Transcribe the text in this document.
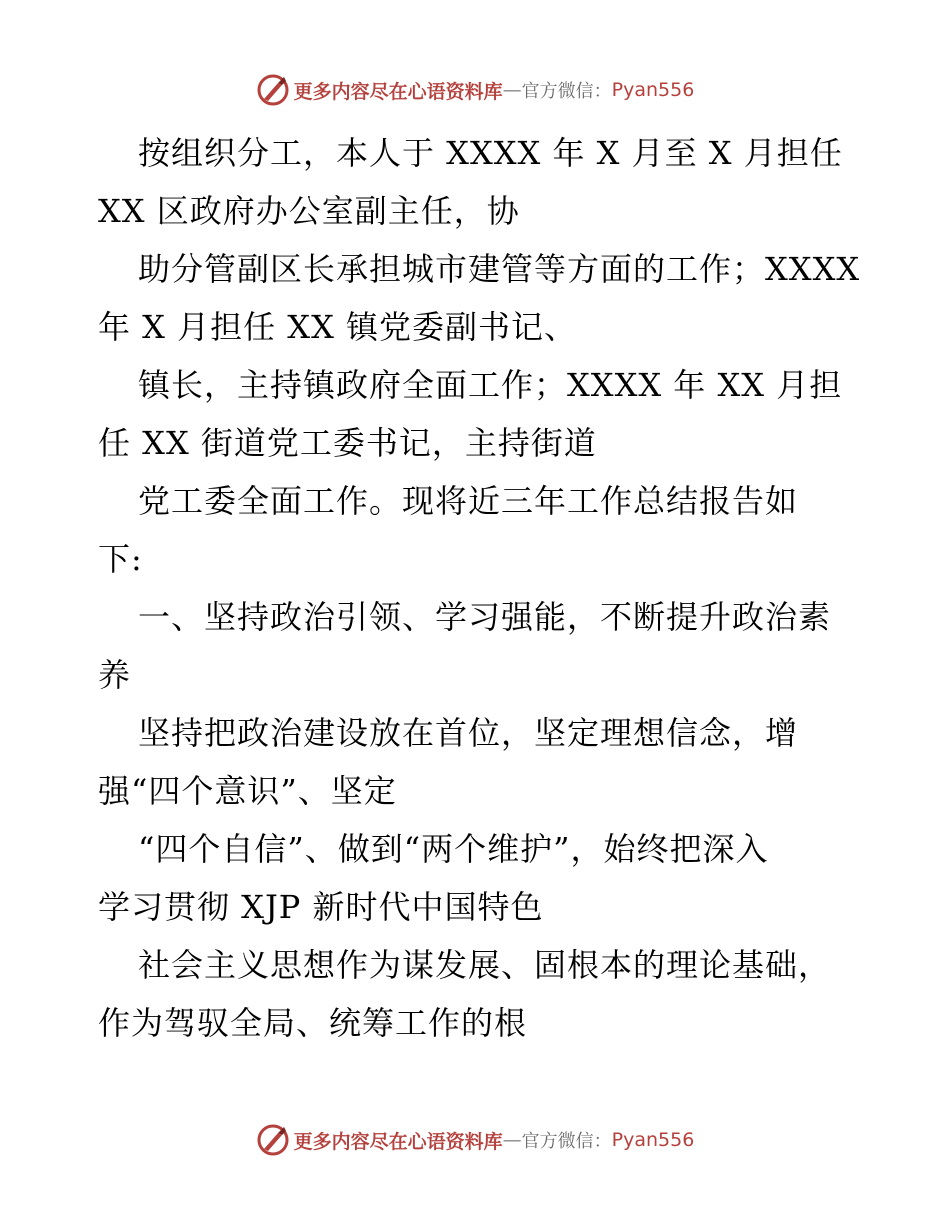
更多内容尽在心语资料库 — 官方微信： Pyan556
按组织分工，本人于 XXXX 年 X 月至 X 月担任
XX 区政府办公室副主任，协
助分管副区长承担城市建管等方面的工作；XXXX
年 X 月担任 XX 镇党委副书记、
镇长，主持镇政府全面工作；XXXX 年 XX 月担
任 XX 街道党工委书记，主持街道
党工委全面工作。现将近三年工作总结报告如
下:
一、坚持政治引领、学习强能，不断提升政治素
养
坚持把政治建设放在首位，坚定理想信念，增
强“四个意识”、坚定
“四个自信”、做到“两个维护”，始终把深入
学习贯彻 XJP 新时代中国特色
社会主义思想作为谋发展、固根本的理论基础，
作为驾驭全局、统筹工作的根
更多内容尽在心语资料库 — 官方微信： Pyan556
